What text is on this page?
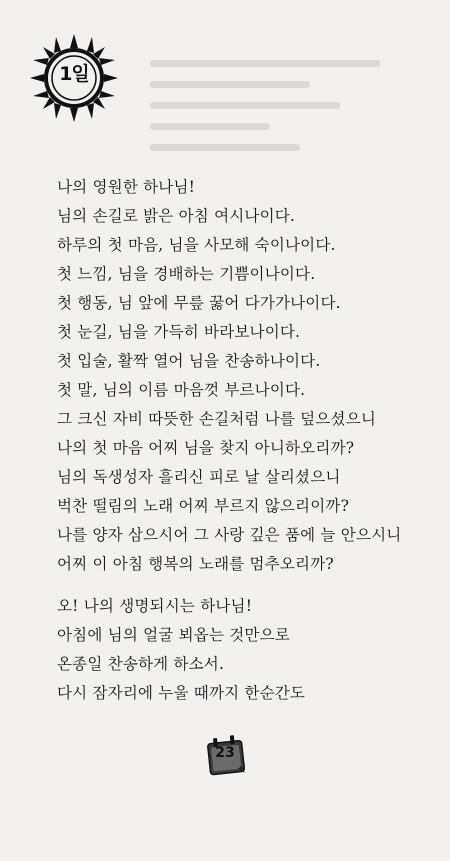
1일
나의 영원한 하나님!
님의 손길로 밝은 아침 여시나이다.
하루의 첫 마음, 님을 사모해 숙이나이다.
첫 느낌, 님을 경배하는 기쁨이나이다.
첫 행동, 님 앞에 무릎 꿇어 다가가나이다.
첫 눈길, 님을 가득히 바라보나이다.
첫 입술, 활짝 열어 님을 찬송하나이다.
첫 말, 님의 이름 마음껏 부르나이다.
그 크신 자비 따뜻한 손길처럼 나를 덮으셨으니
나의 첫 마음 어찌 님을 찾지 아니하오리까?
님의 독생성자 흘리신 피로 날 살리셨으니
벅찬 떨림의 노래 어찌 부르지 않으리이까?
나를 양자 삼으시어 그 사랑 깊은 품에 늘 안으시니
어찌 이 아침 행복의 노래를 멈추오리까?
오! 나의 생명되시는 하나님!
아침에 님의 얼굴 뵈옵는 것만으로
온종일 찬송하게 하소서.
다시 잠자리에 누울 때까지 한순간도
23
